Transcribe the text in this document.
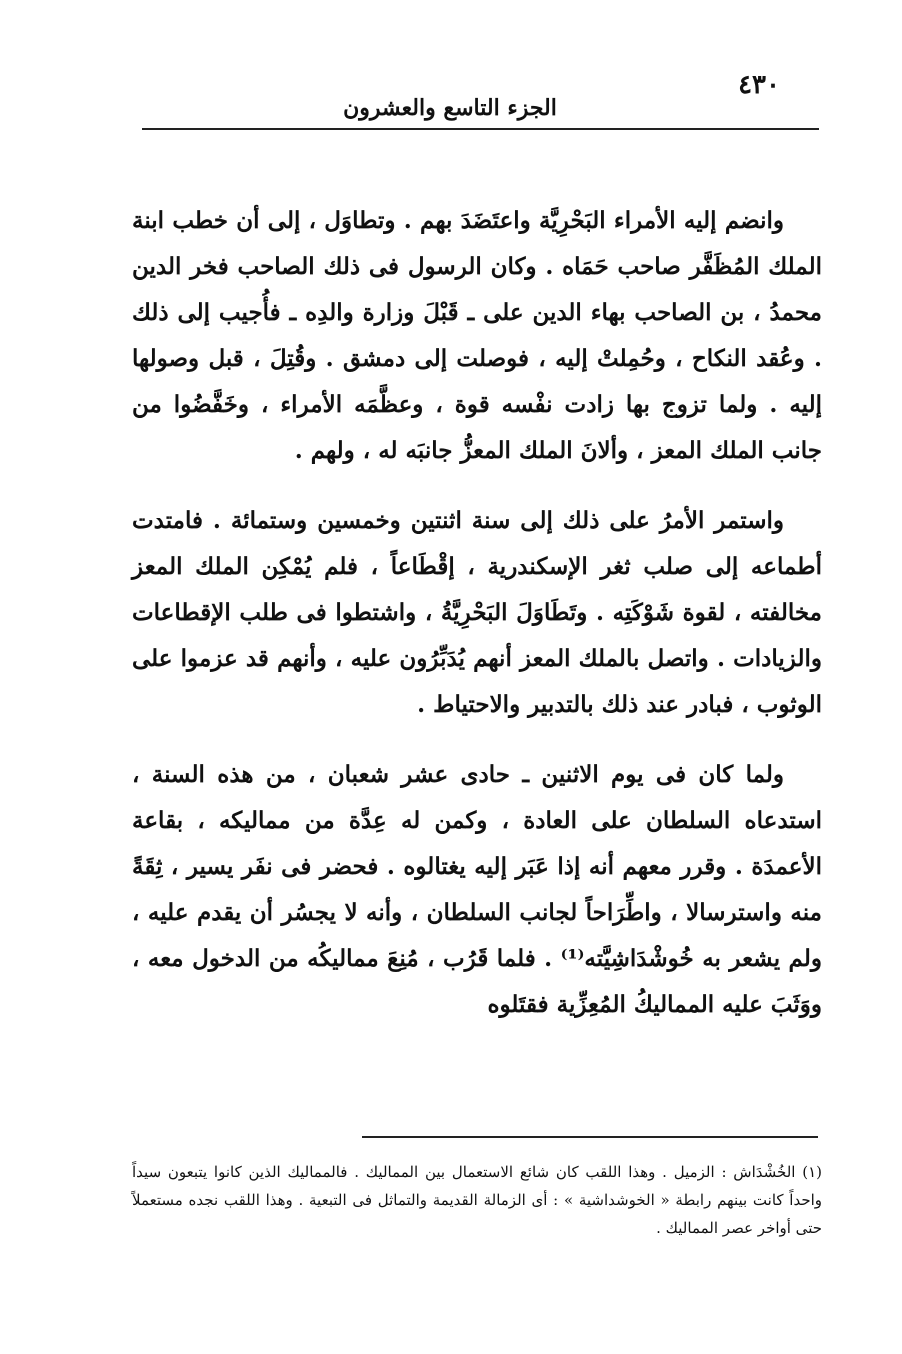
٤٣٠
الجزء التاسع والعشرون

وانضم إليه الأمراء البَحْرِيَّة واعتَضَدَ بهم . وتطاوَل ، إلى أن خطب ابنة الملك المُظَفَّر صاحب حَمَاه . وكان الرسول فى ذلك الصاحب فخر الدين محمدُ ، بن الصاحب بهاء الدين على ـ قَبْلَ وزارة والدِه ـ فأُجيب إلى ذلك . وعُقد النكاح ، وحُمِلتْ إليه ، فوصلت إلى دمشق . وقُتِلَ ، قبل وصولها إليه . ولما تزوج بها زادت نفْسه قوة ، وعظَّمَه الأمراء ، وخَفَّضُوا من جانب الملك المعز ، وألانَ الملك المعزُّ جانبَه له ، ولهم .

واستمر الأمرُ على ذلك إلى سنة اثنتين وخمسين وستمائة . فامتدت أطماعه إلى صلب ثغر الإسكندرية ، إقْطَاعاً ، فلم يُمْكِن الملك المعز مخالفته ، لقوة شَوْكَتِه . وتَطَاوَلَ البَحْرِيَّةُ ، واشتطوا فى طلب الإقطاعات والزيادات . واتصل بالملك المعز أنهم يُدَبِّرُون عليه ، وأنهم قد عزموا على الوثوب ، فبادر عند ذلك بالتدبير والاحتياط .

ولما كان فى يوم الاثنين ـ حادى عشر شعبان ، من هذه السنة ، استدعاه السلطان على العادة ، وكمن له عِدَّة من مماليكه ، بقاعة الأعمدَة . وقرر معهم أنه إذا عَبَر إليه يغتالوه . فحضر فى نفَر يسير ، ثِقَةً منه واسترسالا ، واطِّرَاحاً لجانب السلطان ، وأنه لا يجسُر أن يقدم عليه ، ولم يشعر به خُوشْدَاشِيَّته⁽¹⁾ . فلما قَرُب ، مُنِعَ مماليكُه من الدخول معه ، ووَثَبَ عليه المماليكُ المُعِزِّية فقتَلوه

(١) الخُشْدَاش : الزميل . وهذا اللقب كان شائع الاستعمال بين المماليك . فالمماليك الذين كانوا يتبعون سيداً واحداً كانت بينهم رابطة « الخوشداشية » : أى الزمالة القديمة والتماثل فى التبعية . وهذا اللقب نجده مستعملاً حتى أواخر عصر المماليك .
